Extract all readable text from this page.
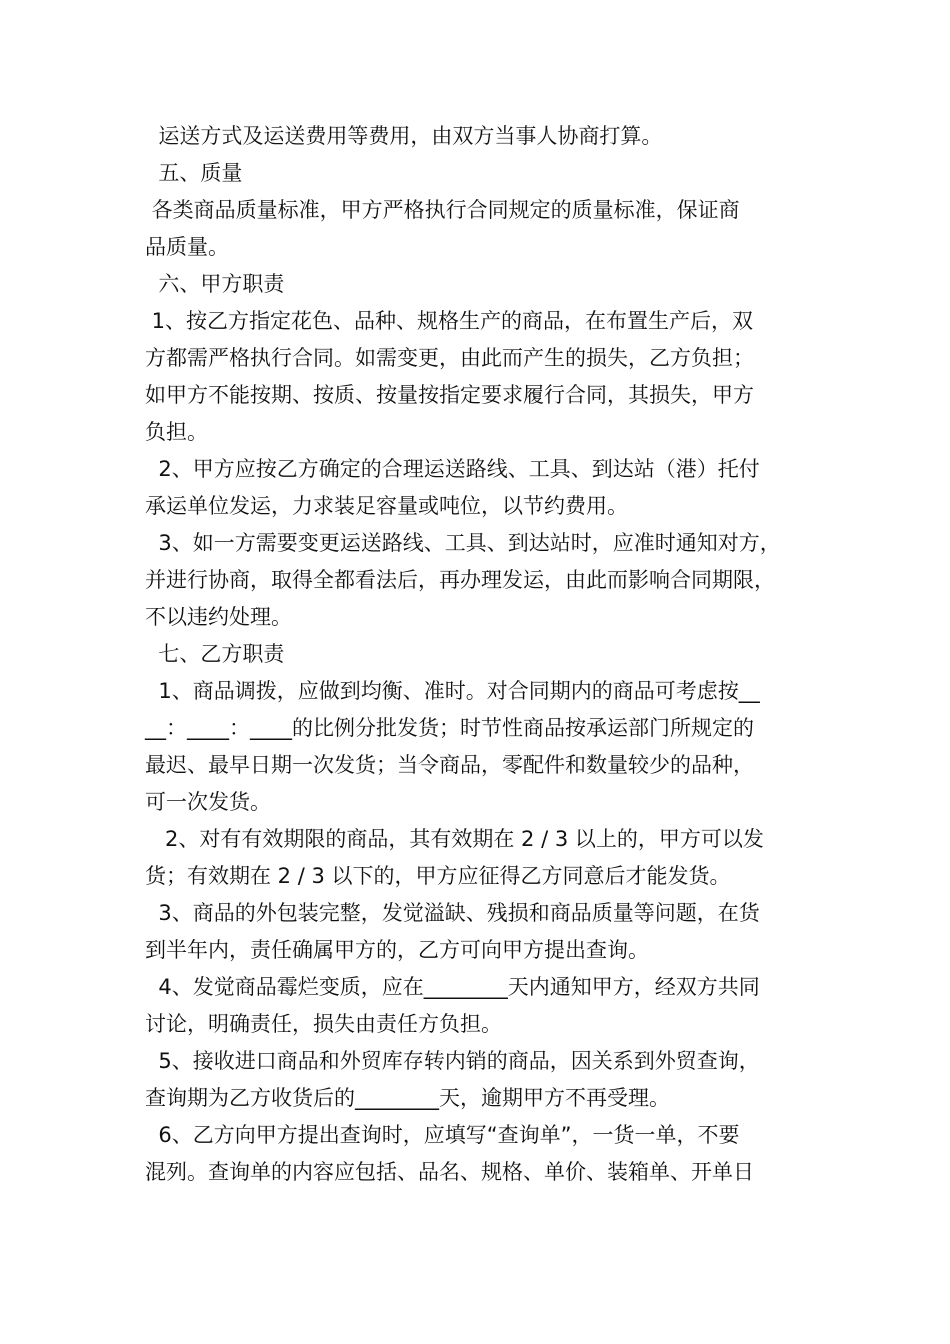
运送方式及运送费用等费用，由双方当事人协商打算。

五、质量

各类商品质量标准，甲方严格执行合同规定的质量标准，保证商
品质量。

六、甲方职责

1、按乙方指定花色、品种、规格生产的商品，在布置生产后，双
方都需严格执行合同。如需变更，由此而产生的损失，乙方负担；
如甲方不能按期、按质、按量按指定要求履行合同，其损失，甲方
负担。

2、甲方应按乙方确定的合理运送路线、工具、到达站（港）托付
承运单位发运，力求装足容量或吨位，以节约费用。

3、如一方需要变更运送路线、工具、到达站时，应准时通知对方，
并进行协商，取得全都看法后，再办理发运，由此而影响合同期限，
不以违约处理。

七、乙方职责

1、商品调拨，应做到均衡、准时。对合同期内的商品可考虑按__
__：____：____的比例分批发货；时节性商品按承运部门所规定的
最迟、最早日期一次发货；当令商品，零配件和数量较少的品种，
可一次发货。

2、对有有效期限的商品，其有效期在 2 / 3 以上的，甲方可以发
货；有效期在 2 / 3 以下的，甲方应征得乙方同意后才能发货。

3、商品的外包装完整，发觉溢缺、残损和商品质量等问题，在货
到半年内，责任确属甲方的，乙方可向甲方提出查询。

4、发觉商品霉烂变质，应在________天内通知甲方，经双方共同
讨论，明确责任，损失由责任方负担。

5、接收进口商品和外贸库存转内销的商品，因关系到外贸查询，
查询期为乙方收货后的________天，逾期甲方不再受理。

6、乙方向甲方提出查询时，应填写“查询单”，一货一单，不要
混列。查询单的内容应包括、品名、规格、单价、装箱单、开单日
